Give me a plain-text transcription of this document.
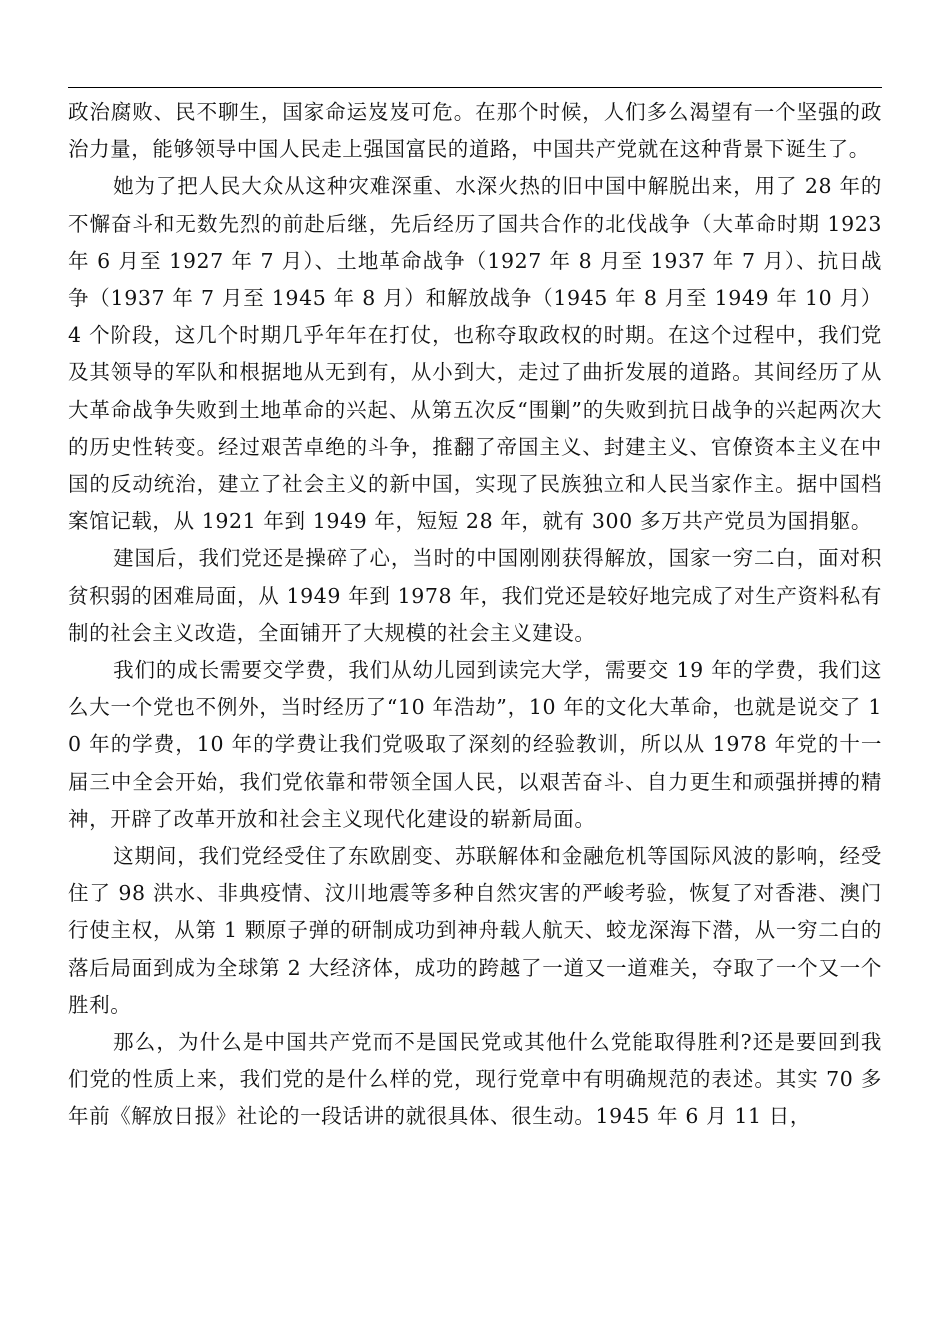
政治腐败、民不聊生，国家命运岌岌可危。在那个时候，人们多么渴望有一个坚强的政治力量，能够领导中国人民走上强国富民的道路，中国共产党就在这种背景下诞生了。

她为了把人民大众从这种灾难深重、水深火热的旧中国中解脱出来，用了 28 年的不懈奋斗和无数先烈的前赴后继，先后经历了国共合作的北伐战争（大革命时期 1923 年 6 月至 1927 年 7 月）、土地革命战争（1927 年 8 月至 1937 年 7 月）、抗日战争（1937 年 7 月至 1945 年 8 月）和解放战争（1945 年 8 月至 1949 年 10 月）4 个阶段，这几个时期几乎年年在打仗，也称夺取政权的时期。在这个过程中，我们党及其领导的军队和根据地从无到有，从小到大，走过了曲折发展的道路。其间经历了从大革命战争失败到土地革命的兴起、从第五次反“围剿”的失败到抗日战争的兴起两次大的历史性转变。经过艰苦卓绝的斗争，推翻了帝国主义、封建主义、官僚资本主义在中国的反动统治，建立了社会主义的新中国，实现了民族独立和人民当家作主。据中国档案馆记载，从 1921 年到 1949 年，短短 28 年，就有 300 多万共产党员为国捐躯。

建国后，我们党还是操碎了心，当时的中国刚刚获得解放，国家一穷二白，面对积贫积弱的困难局面，从 1949 年到 1978 年，我们党还是较好地完成了对生产资料私有制的社会主义改造，全面铺开了大规模的社会主义建设。

我们的成长需要交学费，我们从幼儿园到读完大学，需要交 19 年的学费，我们这么大一个党也不例外，当时经历了“10 年浩劫”，10 年的文化大革命，也就是说交了 10 年的学费，10 年的学费让我们党吸取了深刻的经验教训，所以从 1978 年党的十一届三中全会开始，我们党依靠和带领全国人民，以艰苦奋斗、自力更生和顽强拼搏的精神，开辟了改革开放和社会主义现代化建设的崭新局面。

这期间，我们党经受住了东欧剧变、苏联解体和金融危机等国际风波的影响，经受住了 98 洪水、非典疫情、汶川地震等多种自然灾害的严峻考验，恢复了对香港、澳门行使主权，从第 1 颗原子弹的研制成功到神舟载人航天、蛟龙深海下潜，从一穷二白的落后局面到成为全球第 2 大经济体，成功的跨越了一道又一道难关，夺取了一个又一个胜利。

那么，为什么是中国共产党而不是国民党或其他什么党能取得胜利?还是要回到我们党的性质上来，我们党的是什么样的党，现行党章中有明确规范的表述。其实 70 多年前《解放日报》社论的一段话讲的就很具体、很生动。1945 年 6 月 11 日，
